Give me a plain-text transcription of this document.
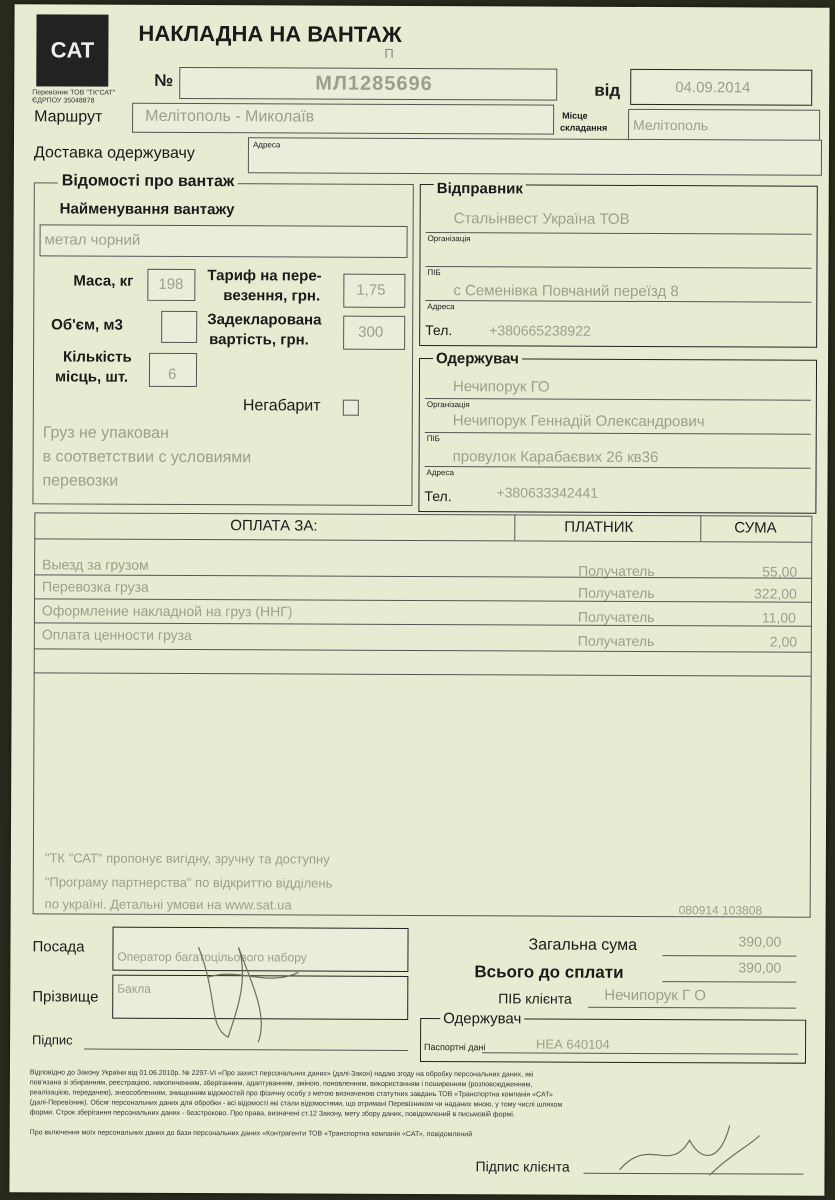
CAT
Перевізник ТОВ "ТК"САТ"
ЄДРПОУ 35048878
НАКЛАДНА НА ВАНТАЖ
П
№	МЛ1285696	від	04.09.2014
Маршрут	Мелітополь - Миколаїв	Місце
складання Мелітополь
Доставка одержувачу	Адреса
Відомості про вантаж
Найменування вантажу
метал чорний
Маса, кг 198 Тариф на пере-
везення, грн. 1,75
Об'єм, м3	Задекларована
вартість, грн.	300
Кількість
місць, шт.	6
Негабарит
Груз не упакован
в соответствии с условиями
перевозки
Відправник
Стальінвест Україна ТОВ
Організація
ПІБ
с Семенівка Повчаний переїзд 8
Адреса
Тел.	+380665238922
Одержувач
Нечипорук ГО
Організація
Нечипорук Геннадій Олександрович
ПІБ
провулок Карабаєвих 26 кв36
Адреса
Тел.	+380633342441
ОПЛАТА ЗА:	ПЛАТНИК	СУМА
Выезд за грузом	Получатель	55,00
Перевозка груза	Получатель	322,00
Оформление накладной на груз (ННГ)	Получатель	11,00
Оплата ценности груза	Получатель	2,00
"ТК "САТ" пропонує вигідну, зручну та доступну
"Програму партнерства" по відкриттю відділень
по україні. Детальні умови на www.sat.ua	080914 103808
Посада
Оператор багатоцільового набору
Прізвище Бакла
Підпис
Загальна сума	390,00
Всього до сплати	390,00
ПІБ клієнта Нечипорук Г О
Одержувач
Паспортні дані	НЕА 640104
Відповідно до Закону України від 01.06.2010р. № 2297-VI «Про захист персональних даних» (далі-Закон) надаю згоду на обробку персональних даних, які
пов'язана зі збиранням, реєстрацією, накопиченням, зберіганням, адаптуванням, зміною, поновленням, використанням і поширенням (розповсюдженням,
реалізацією, передачею), знеособленням, знищенням відомостей про фізичну особу з метою визначеною статутних завдань ТОВ «Транспортна компанія «САТ»
(далі-Перевізник). Обсяг персональних даних для обробки - всі відомості які стали відомостями, що отримані Перевізником чи наданих мною, у тому числі шляхом
форми. Строк зберігання персональних даних - безстроково. Про права, визначені ст.12 Закону, мету збору даних, повідомлений в письмовій формі.
Про включення моїх персональних даних до бази персональних даних «Контрагенти ТОВ «Транспортна компанія «САТ», повідомлений
Підпис клієнта
